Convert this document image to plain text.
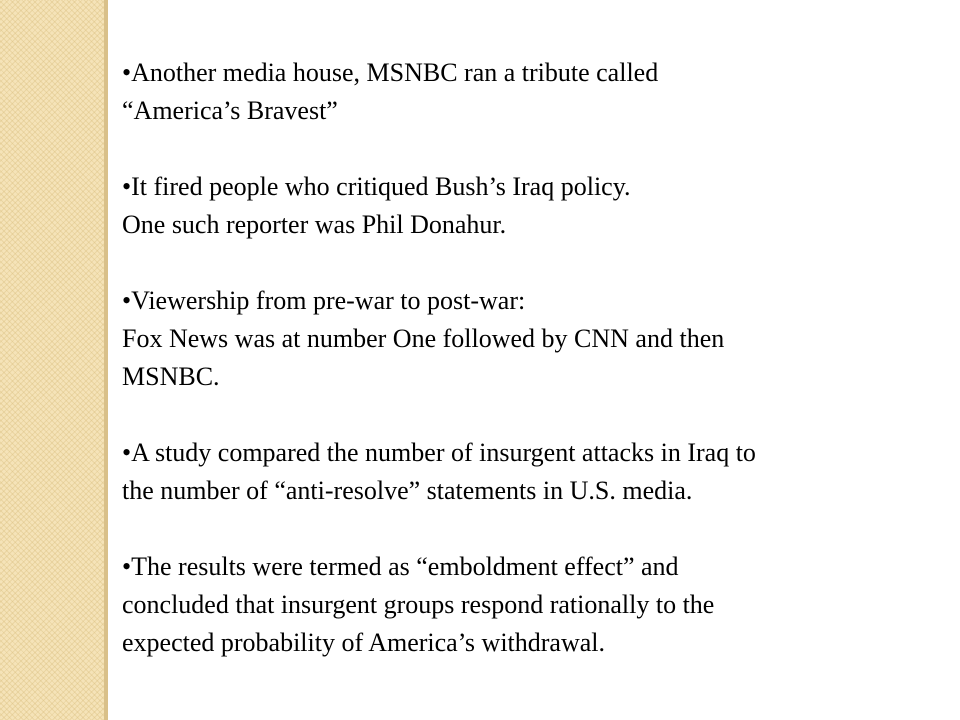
•Another media house, MSNBC ran a tribute called
“America’s Bravest”
•It fired people who critiqued Bush’s Iraq policy.
One such reporter was Phil Donahur.
•Viewership from pre-war to post-war:
Fox News was at number One followed by CNN and then
MSNBC.
•A study compared the number of insurgent attacks in Iraq to
the number of “anti-resolve” statements in U.S. media.
•The results were termed as “emboldment effect” and
concluded that insurgent groups respond rationally to the
expected probability of America’s withdrawal.
